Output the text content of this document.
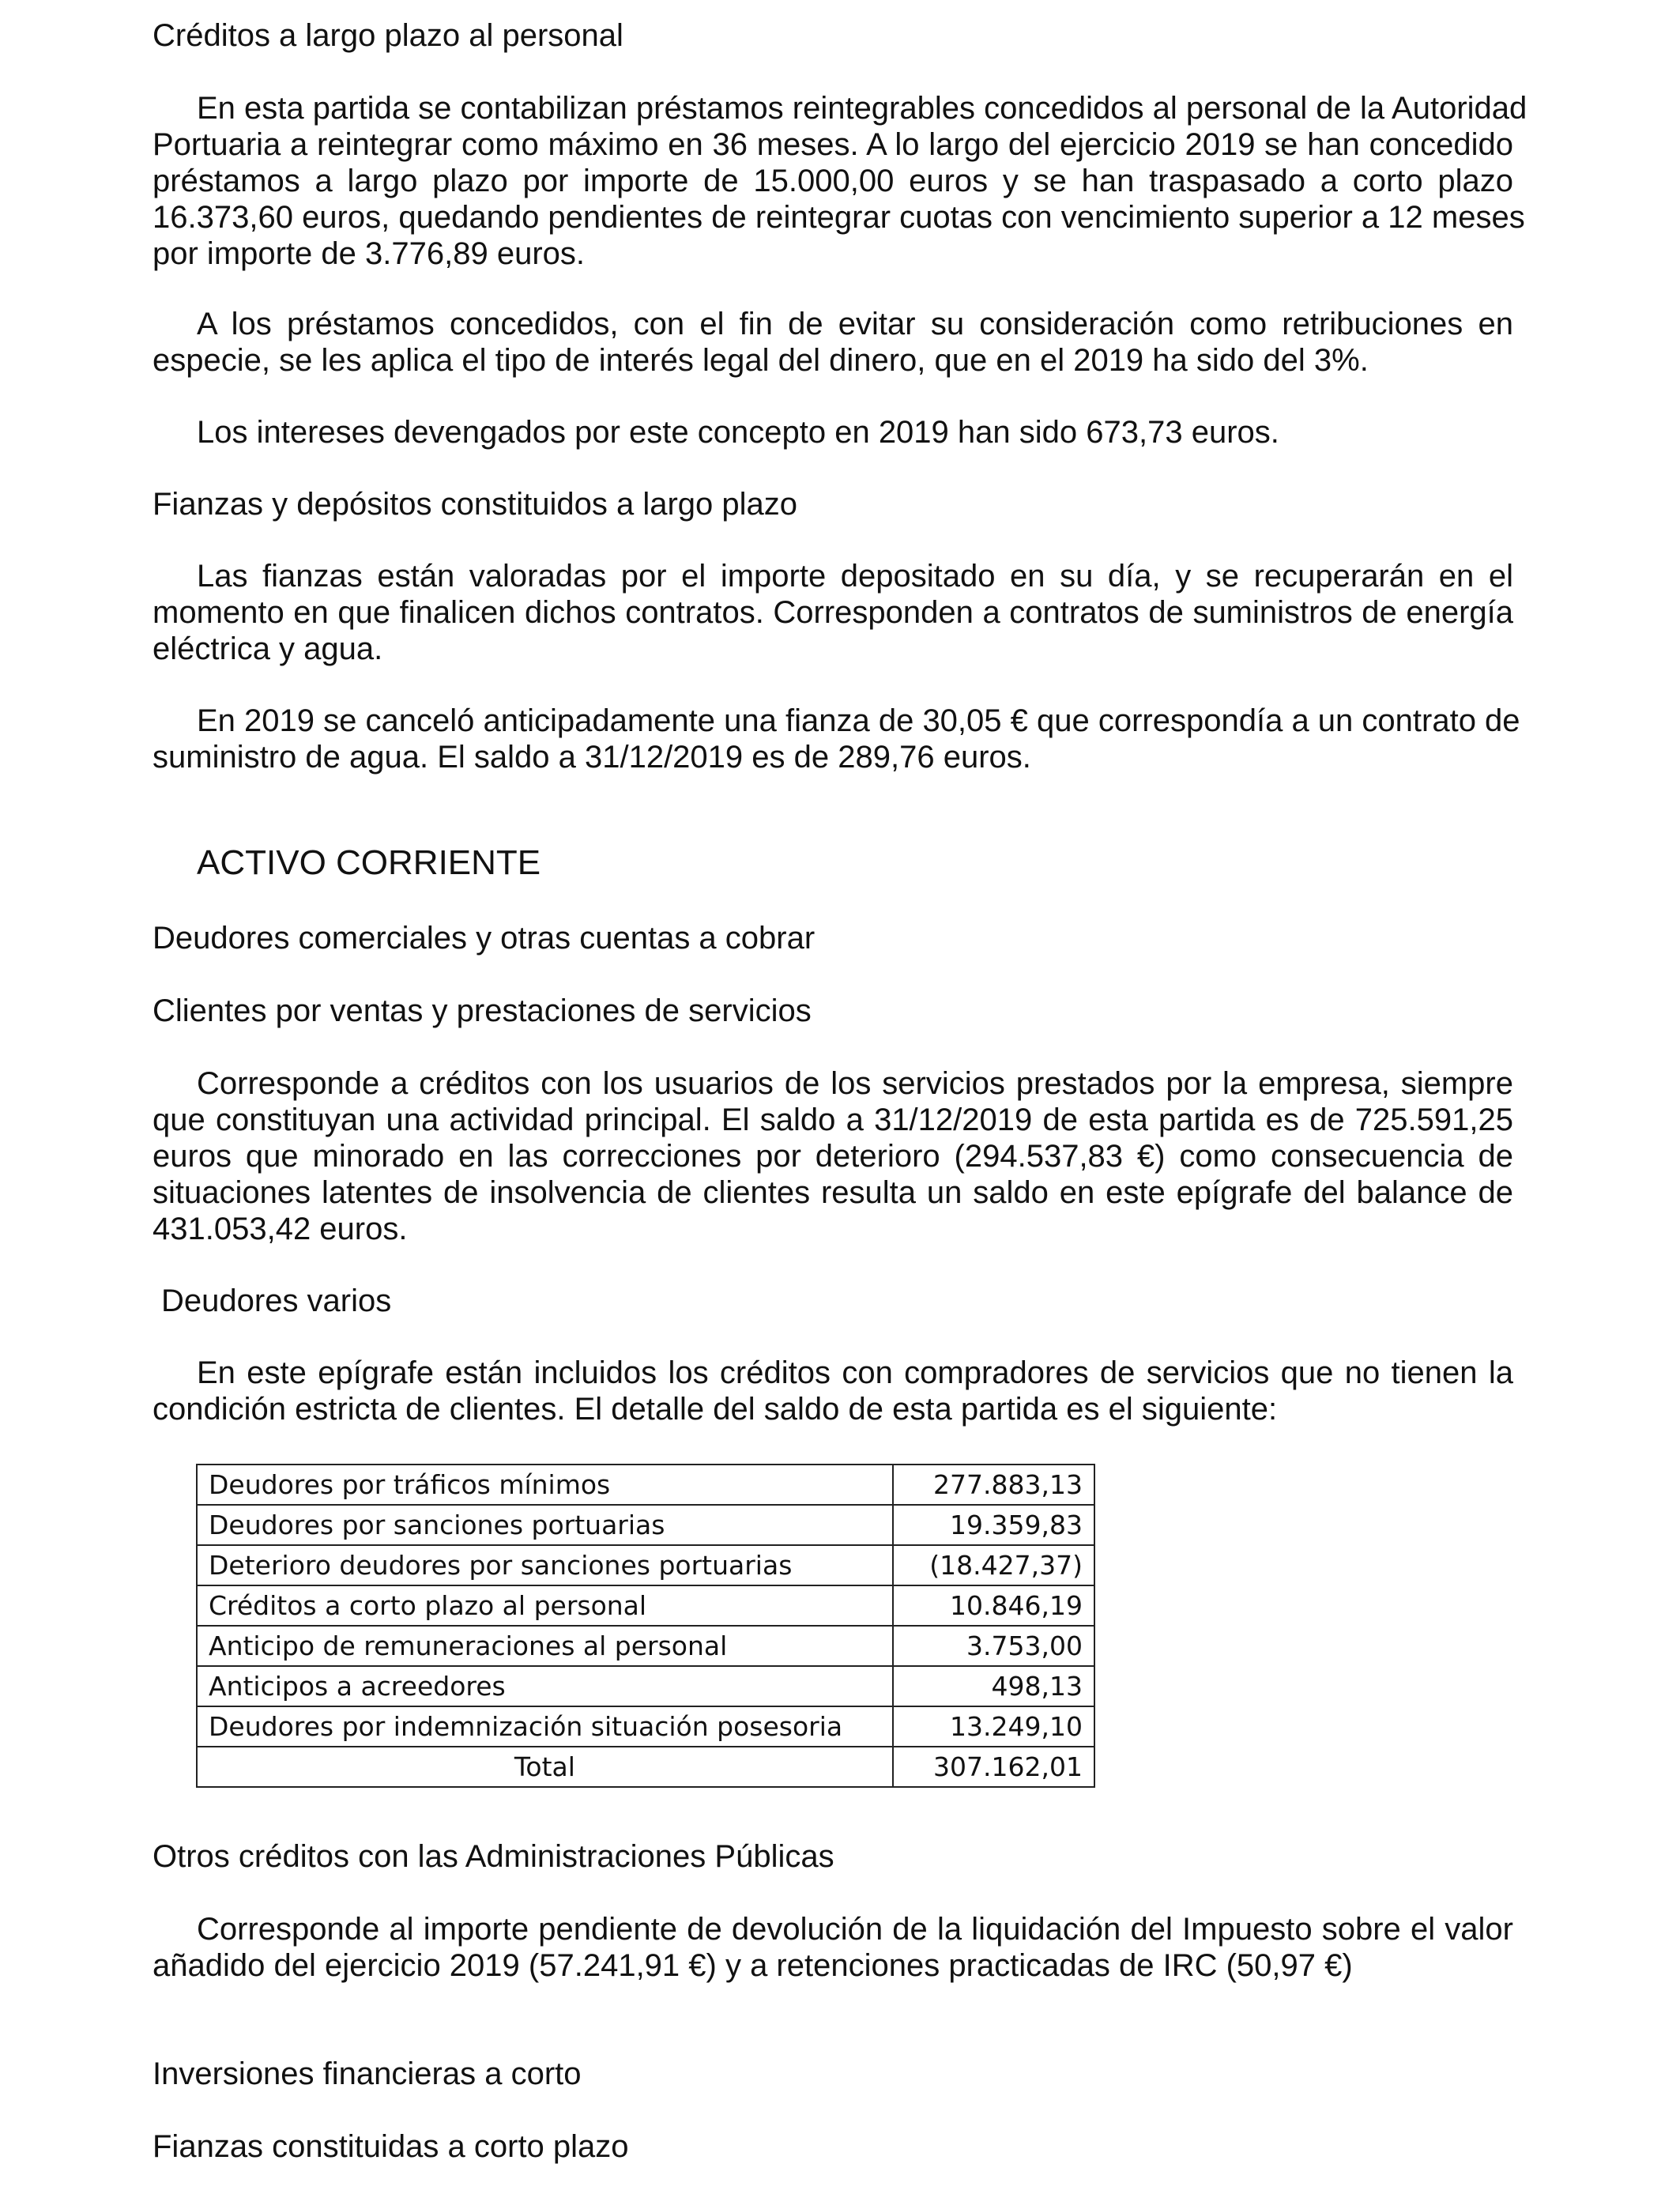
Créditos a largo plazo al personal

En esta partida se contabilizan préstamos reintegrables concedidos al personal de la Autoridad

Portuaria a reintegrar como máximo en 36 meses. A lo largo del ejercicio 2019 se han concedido

préstamos a largo plazo por importe de 15.000,00 euros y se han traspasado a corto plazo

16.373,60 euros, quedando pendientes de reintegrar cuotas con vencimiento superior a 12 meses

por importe de 3.776,89 euros.

A los préstamos concedidos, con el fin de evitar su consideración como retribuciones en

especie, se les aplica el tipo de interés legal del dinero, que en el 2019 ha sido del 3%.

Los intereses devengados por este concepto en 2019 han sido 673,73 euros.

Fianzas y depósitos constituidos a largo plazo

Las fianzas están valoradas por el importe depositado en su día, y se recuperarán en el

momento en que finalicen dichos contratos. Corresponden a contratos de suministros de energía

eléctrica y agua.

En 2019 se canceló anticipadamente una fianza de 30,05 € que correspondía a un contrato de

suministro de agua. El saldo a 31/12/2019 es de 289,76 euros.

ACTIVO CORRIENTE

Deudores comerciales y otras cuentas a cobrar

Clientes por ventas y prestaciones de servicios

Corresponde a créditos con los usuarios de los servicios prestados por la empresa, siempre

que constituyan una actividad principal. El saldo a 31/12/2019 de esta partida es de 725.591,25

euros que minorado en las correcciones por deterioro (294.537,83 €) como consecuencia de

situaciones latentes de insolvencia de clientes resulta un saldo en este epígrafe del balance de

431.053,42 euros.

Deudores varios

En este epígrafe están incluidos los créditos con compradores de servicios que no tienen la

condición estricta de clientes. El detalle del saldo de esta partida es el siguiente:

Deudores por tráficos mínimos	277.883,13
Deudores por sanciones portuarias	19.359,83
Deterioro deudores por sanciones portuarias	(18.427,37)
Créditos a corto plazo al personal	10.846,19
Anticipo de remuneraciones al personal	3.753,00
Anticipos a acreedores	498,13
Deudores por indemnización situación posesoria	13.249,10
Total	307.162,01

Otros créditos con las Administraciones Públicas

Corresponde al importe pendiente de devolución de la liquidación del Impuesto sobre el valor

añadido del ejercicio 2019 (57.241,91 €) y a retenciones practicadas de IRC (50,97 €)

Inversiones financieras a corto

Fianzas constituidas a corto plazo
